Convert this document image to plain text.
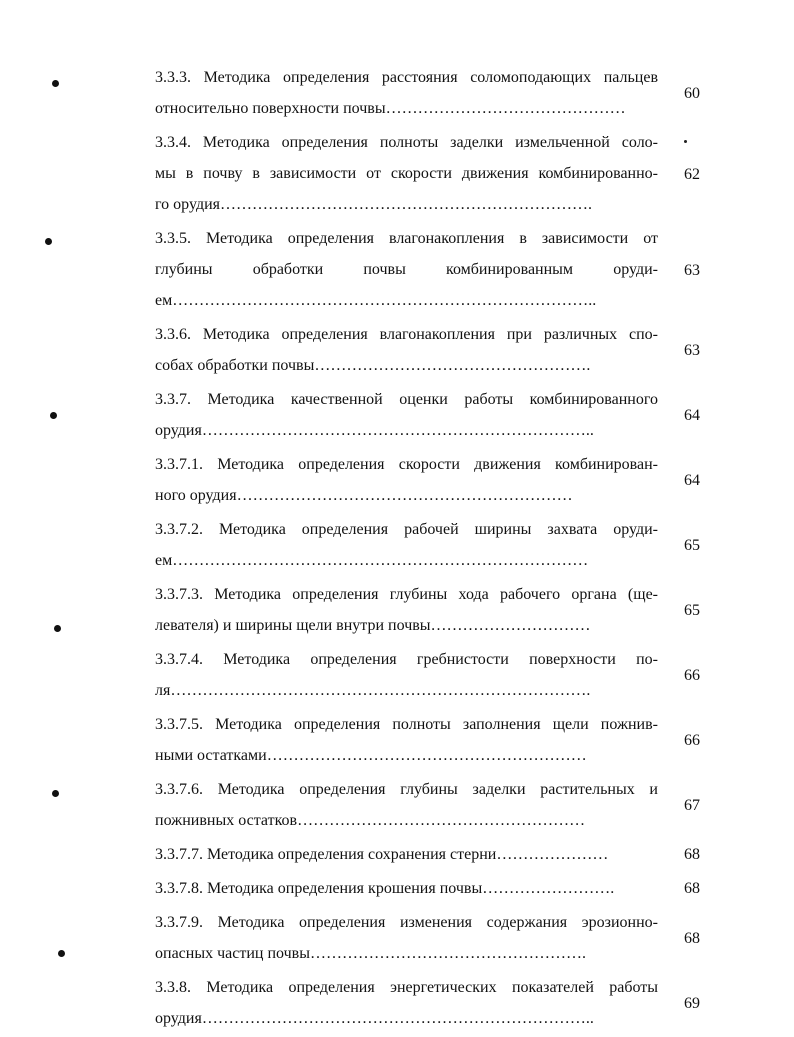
3.3.3. Методика определения расстояния соломоподающих пальцев
относительно поверхности почвы………………………………………
60
3.3.4. Методика определения полноты заделки измельченной соло-
мы в почву в зависимости от скорости движения комбинированно-
го орудия…………………………………………………………….
62
3.3.5. Методика определения влагонакопления в зависимости от
глубины обработки почвы комбинированным оруди-
ем……………………………………………………………………..
63
3.3.6. Методика определения влагонакопления при различных спо-
собах обработки почвы…………………………………………….
63
3.3.7. Методика качественной оценки работы комбинированного
орудия………………………………………………………………..
64
3.3.7.1. Методика определения скорости движения комбинирован-
ного орудия………………………………………………………
64
3.3.7.2. Методика определения рабочей ширины захвата оруди-
ем……………………………………………………………………
65
3.3.7.3. Методика определения глубины хода рабочего органа (ще-
левателя) и ширины щели внутри почвы…………………………
65
3.3.7.4. Методика определения гребнистости поверхности по-
ля…………………………………………………………………….
66
3.3.7.5. Методика определения полноты заполнения щели пожнив-
ными остатками……………………………………………………
66
3.3.7.6. Методика определения глубины заделки растительных и
пожнивных остатков………………………………………………
67
3.3.7.7. Методика определения сохранения стерни…………………	68
3.3.7.8. Методика определения крошения почвы…………………….	68
3.3.7.9. Методика определения изменения содержания эрозионно-
опасных частиц почвы…………………………………………….
68
3.3.8. Методика определения энергетических показателей работы
орудия………………………………………………………………..
69
